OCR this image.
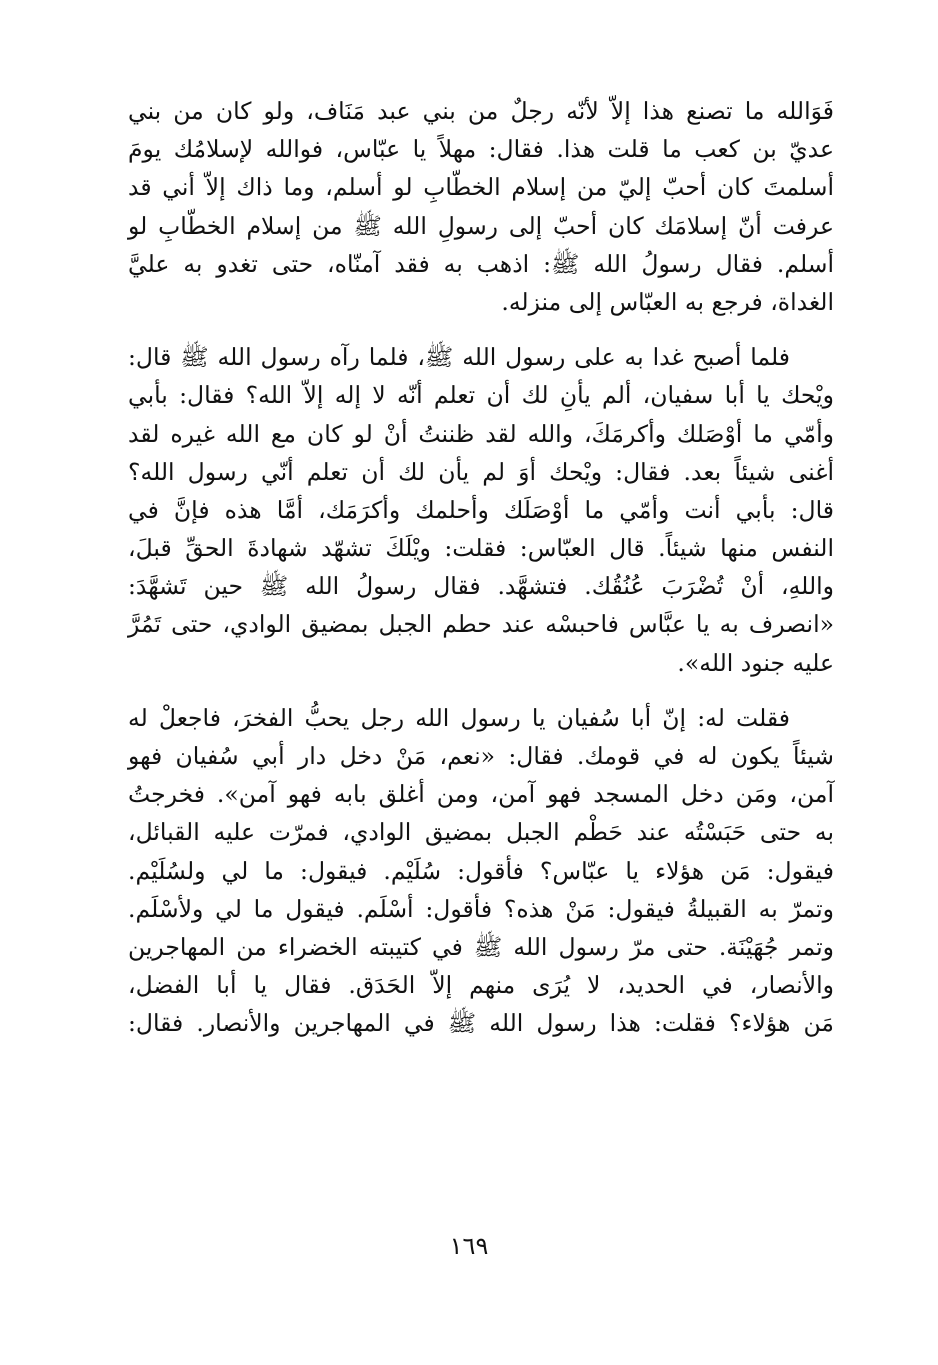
فَوَالله ما تصنع هذا إلاّ لأنّه رجلٌ من بني عبد مَنَاف، ولو كان من بني
عديّ بن كعب ما قلت هذا. فقال: مهلاً يا عبّاس، فوالله لإسلامُك يومَ
أسلمتَ كان أحبّ إليّ من إسلام الخطّابِ لو أسلم، وما ذاك إلاّ أني قد
عرفت أنّ إسلامَك كان أحبّ إلى رسولِ الله ﷺ من إسلام الخطّابِ لو
أسلم. فقال رسولُ الله ﷺ: اذهب به فقد آمنّاه، حتى تغدو به عليَّ
الغداة، فرجع به العبّاس إلى منزله.
فلما أصبح غدا به على رسول الله ﷺ، فلما رآه رسول الله ﷺ قال:
ويْحك يا أبا سفيان، ألم يأنِ لك أن تعلم أنّه لا إله إلاّ الله؟ فقال: بأبي
وأمّي ما أوْصَلك وأكرمَكَ، والله لقد ظننتُ أنْ لو كان مع الله غيره لقد
أغنى شيئاً بعد. فقال: ويْحك أوَ لم يأن لك أن تعلم أنّي رسول الله؟
قال: بأبي أنت وأمّي ما أوْصَلَك وأحلمك وأكرَمَك، أمَّا هذه فإنَّ في
النفس منها شيئاً. قال العبّاس: فقلت: ويْلَكَ تشهّد شهادةَ الحقِّ قبلَ،
واللهِ، أنْ تُضْرَبَ عُنُقُك. فتشهَّد. فقال رسولُ الله ﷺ حين تَشهَّدَ:
«انصرف به يا عبَّاس فاحبسْه عند حطم الجبل بمضيق الوادي، حتى تَمُرَّ
عليه جنود الله».
فقلت له: إنّ أبا سُفيان يا رسول الله رجل يحبُّ الفخرَ، فاجعلْ له
شيئاً يكون له في قومك. فقال: «نعم، مَنْ دخل دار أبي سُفيان فهو
آمن، ومَن دخل المسجد فهو آمن، ومن أغلق بابه فهو آمن». فخرجتُ
به حتى حَبَسْتُه عند حَطْم الجبل بمضيق الوادي، فمرّت عليه القبائل،
فيقول: مَن هؤلاء يا عبّاس؟ فأقول: سُلَيْم. فيقول: ما لي ولسُلَيْم.
وتمرّ به القبيلةُ فيقول: مَنْ هذه؟ فأقول: أسْلَم. فيقول ما لي ولأسْلَم.
وتمر جُهَيْنَة. حتى مرّ رسول الله ﷺ في كتيبته الخضراء من المهاجرين
والأنصار، في الحديد، لا يُرَى منهم إلاّ الحَدَق. فقال يا أبا الفضل،
مَن هؤلاء؟ فقلت: هذا رسول الله ﷺ في المهاجرين والأنصار. فقال:
١٦٩
